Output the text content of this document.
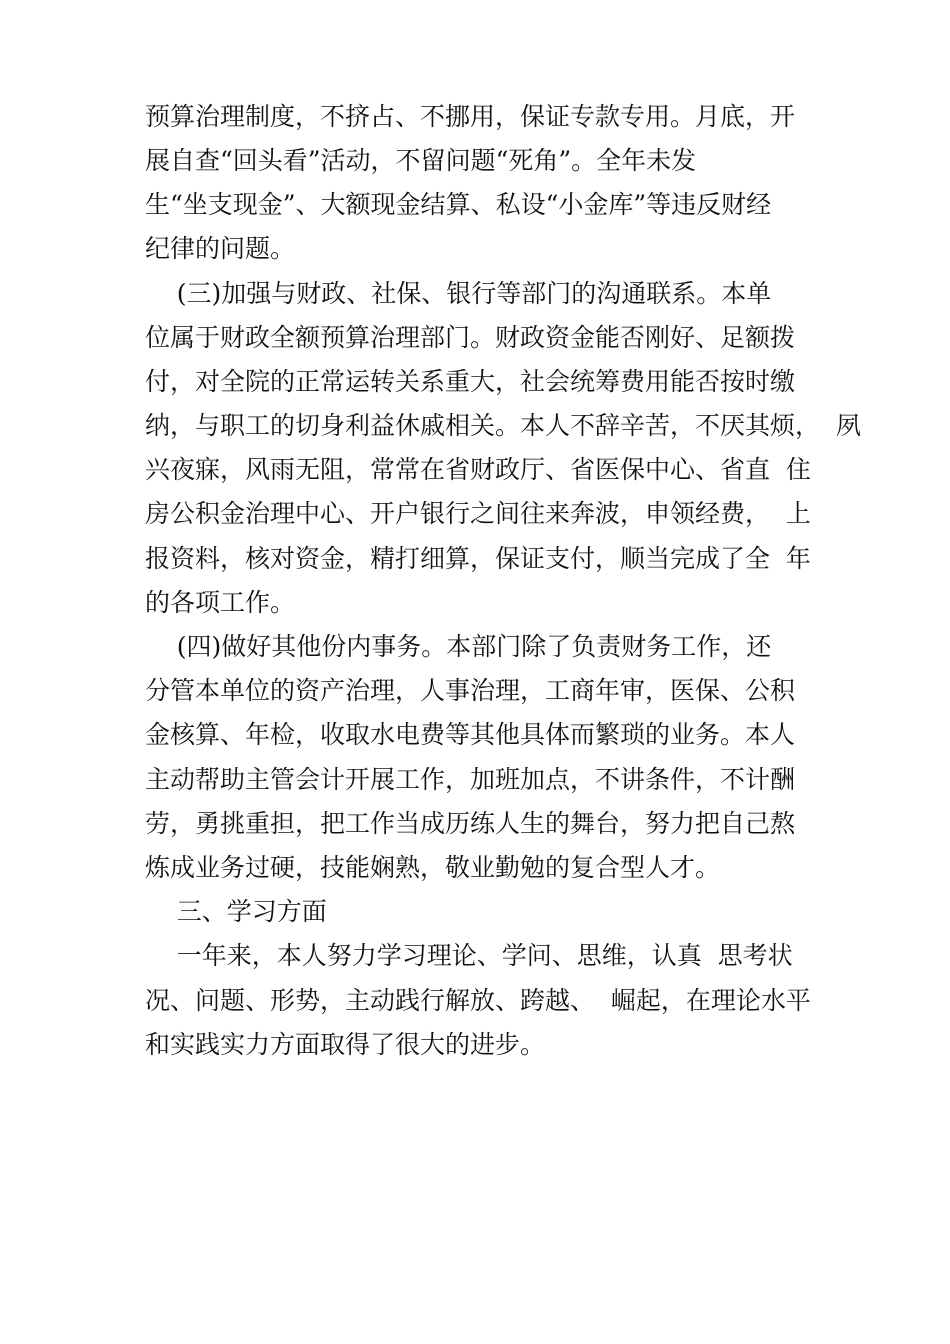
预算治理制度，不挤占、不挪用，保证专款专用。月底，开
展自查“回头看”活动，不留问题“死角”。全年未发
生“坐支现金”、大额现金结算、私设“小金库”等违反财经
纪律的问题。
(三)加强与财政、社保、银行等部门的沟通联系。本单
位属于财政全额预算治理部门。财政资金能否刚好、足额拨
付，对全院的正常运转关系重大，社会统筹费用能否按时缴
纳，与职工的切身利益休戚相关。本人不辞辛苦，不厌其烦，  夙
兴夜寐，风雨无阻，常常在省财政厅、省医保中心、省直  住
房公积金治理中心、开户银行之间往来奔波，申领经费，  上
报资料，核对资金，精打细算，保证支付，顺当完成了全  年
的各项工作。
(四)做好其他份内事务。本部门除了负责财务工作，还
分管本单位的资产治理，人事治理，工商年审，医保、公积
金核算、年检，收取水电费等其他具体而繁琐的业务。本人
主动帮助主管会计开展工作，加班加点，不讲条件，不计酬
劳，勇挑重担，把工作当成历练人生的舞台，努力把自己熬
炼成业务过硬，技能娴熟，敬业勤勉的复合型人才。
三、学习方面
一年来，本人努力学习理论、学问、思维，认真  思考状
况、问题、形势，主动践行解放、跨越、  崛起，在理论水平
和实践实力方面取得了很大的进步。
